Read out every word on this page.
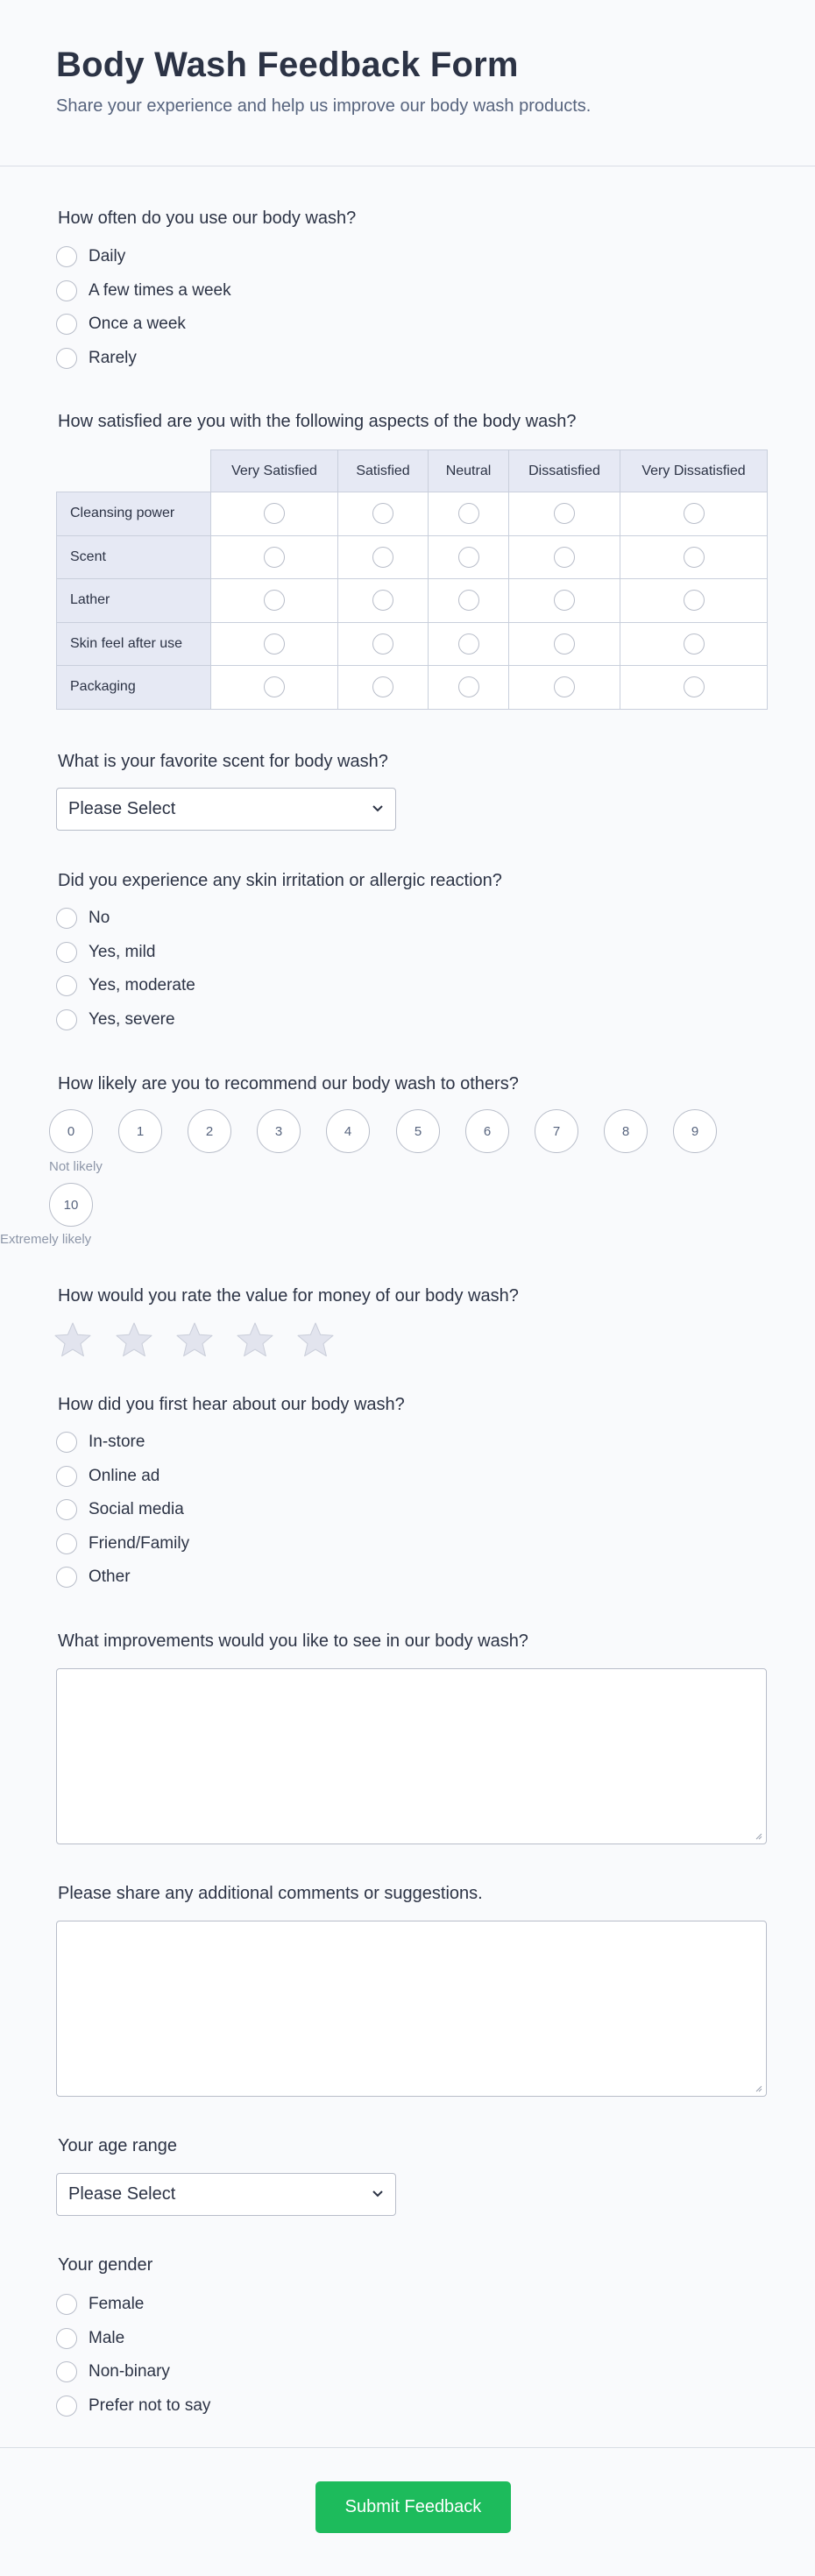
Body Wash Feedback Form
Share your experience and help us improve our body wash products.
How often do you use our body wash?
Daily
A few times a week
Once a week
Rarely
How satisfied are you with the following aspects of the body wash?
	Very Satisfied	Satisfied	Neutral	Dissatisfied	Very Dissatisfied
Cleansing power					
Scent					
Lather					
Skin feel after use					
Packaging					
What is your favorite scent for body wash?
Please Select
Did you experience any skin irritation or allergic reaction?
No
Yes, mild
Yes, moderate
Yes, severe
How likely are you to recommend our body wash to others?
0	1	2	3	4	5	6	7	8	9
Not likely
10
Extremely likely
How would you rate the value for money of our body wash?
How did you first hear about our body wash?
In-store
Online ad
Social media
Friend/Family
Other
What improvements would you like to see in our body wash?
Please share any additional comments or suggestions.
Your age range
Please Select
Your gender
Female
Male
Non-binary
Prefer not to say
Submit Feedback
